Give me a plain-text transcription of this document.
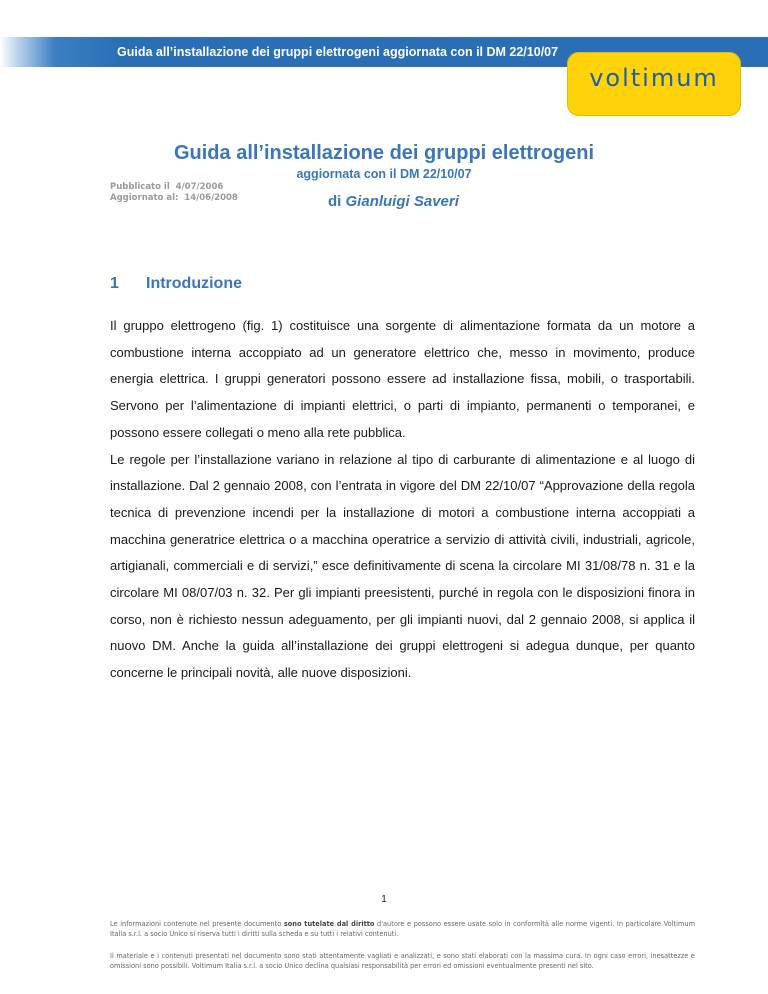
Guida all’installazione dei gruppi elettrogeni aggiornata con il DM 22/10/07
voltimum
Guida all’installazione dei gruppi elettrogeni
aggiornata con il DM 22/10/07
Pubblicato il  4/07/2006
Aggiornato al:  14/06/2008	di Gianluigi Saveri
1 Introduzione

Il gruppo elettrogeno (fig. 1) costituisce una sorgente di alimentazione formata da un motore a combustione interna accoppiato ad un generatore elettrico che, messo in movimento, produce energia elettrica. I gruppi generatori possono essere ad installazione fissa, mobili, o trasportabili. Servono per l’alimentazione di impianti elettrici, o parti di impianto, permanenti o temporanei, e possono essere collegati o meno alla rete pubblica.

Le regole per l’installazione variano in relazione al tipo di carburante di alimentazione e al luogo di installazione. Dal 2 gennaio 2008, con l’entrata in vigore del DM 22/10/07 “Approvazione della regola tecnica di prevenzione incendi per la installazione di motori a combustione interna accoppiati a macchina generatrice elettrica o a macchina operatrice a servizio di attività civili, industriali, agricole, artigianali, commerciali e di servizi,” esce definitivamente di scena la circolare MI 31/08/78 n. 31 e la circolare MI 08/07/03 n. 32. Per gli impianti preesistenti, purché in regola con le disposizioni finora in corso, non è richiesto nessun adeguamento, per gli impianti nuovi, dal 2 gennaio 2008, si applica il nuovo DM. Anche la guida all’installazione dei gruppi elettrogeni si adegua dunque, per quanto concerne le principali novità, alle nuove disposizioni.

1
Le informazioni contenute nel presente documento sono tutelate dal diritto d'autore e possono essere usate solo in conformità alle norme vigenti. In particolare Voltimum Italia s.r.l. a socio Unico si riserva tutti i diritti sulla scheda e su tutti i relativi contenuti.
Il materiale e i contenuti presentati nel documento sono stati attentamente vagliati e analizzati, e sono stati elaborati con la massima cura. In ogni caso errori, inesattezze e omissioni sono possibili. Voltimum Italia s.r.l. a socio Unico declina qualsiasi responsabilità per errori ed omissioni eventualmente presenti nel sito.
